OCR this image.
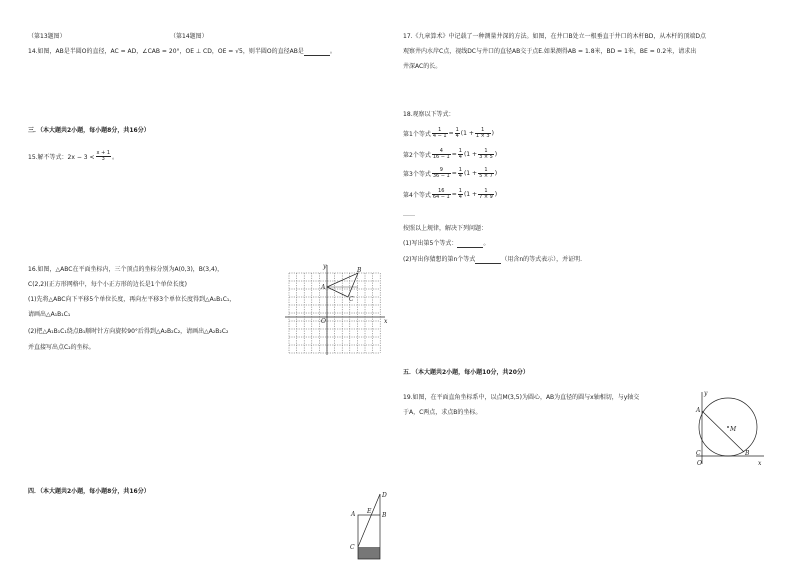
（第13题图）	（第14题图）
14.如图，AB是半圆O的直径，AC = AD，∠CAB = 20°，OE ⊥ CD，OE = √5，则半圆O的直径AB是	。
三．（本大题共2小题，每小题8分，共16分）
15.解不等式：$2x - 3 < \frac{x + 1}{3}$ 。
16.如图，△ABC在平面坐标内，三个顶点的坐标分别为A(0,3)，B(3,4)，
C(2,2)(正方形网格中，每个小正方形的边长是1个单位长度)
(1)先将△ABC向下平移5个单位长度，再向左平移3个单位长度得到△A₁B₁C₁，
请画出△A₁B₁C₁
(2)把△A₁B₁C₁绕点B₁顺时针方向旋转90°后得到△A₂B₂C₂，请画出△A₂B₂C₂
并直接写出点C₂的坐标。
y
x
O
A
B
C
四．（本大题共2小题，每小题8分，共16分）
A E
B
D
C
17.《九章算术》中记载了一种测量井深的方法。如图，在井口B处立一根垂直于井口的木杆BD，从木杆的顶端D点
观察井内水岸C点，视线DC与井口的直径AB交于点E.如果测得AB = 1.8米，BD = 1米，BE = 0.2米，请求出
井深AC的长。
18.观察以下等式：
第1个等式 $\frac{1}{4 - 1} = \frac{1}{4} (1 + \frac{1}{1 \times 3}$ )
第2个等式 $\frac{4}{16 - 1} = \frac{1}{4} (1 + \frac{1}{3 \times 5}$ )
第3个等式 $\frac{9}{36 - 1} = \frac{1}{4} (1 + \frac{1}{5 \times 7}$ )
第4个等式 $\frac{16}{64 - 1} = \frac{1}{4} (1 + \frac{1}{7 \times 9}$ )
……
按照以上规律，解决下列问题：
(1)写出第5个等式：	。
(2)写出你猜想的第n个等式	（用含n的等式表示），并证明.
五．（本大题共2小题，每小题10分，共20分）
19.如图，在平面直角坐标系中，以点M(3,5)为圆心，AB为直径的圆与x轴相切，与y轴交
于A，C两点，求点B的坐标。
y
x
O
A
C	B
M
